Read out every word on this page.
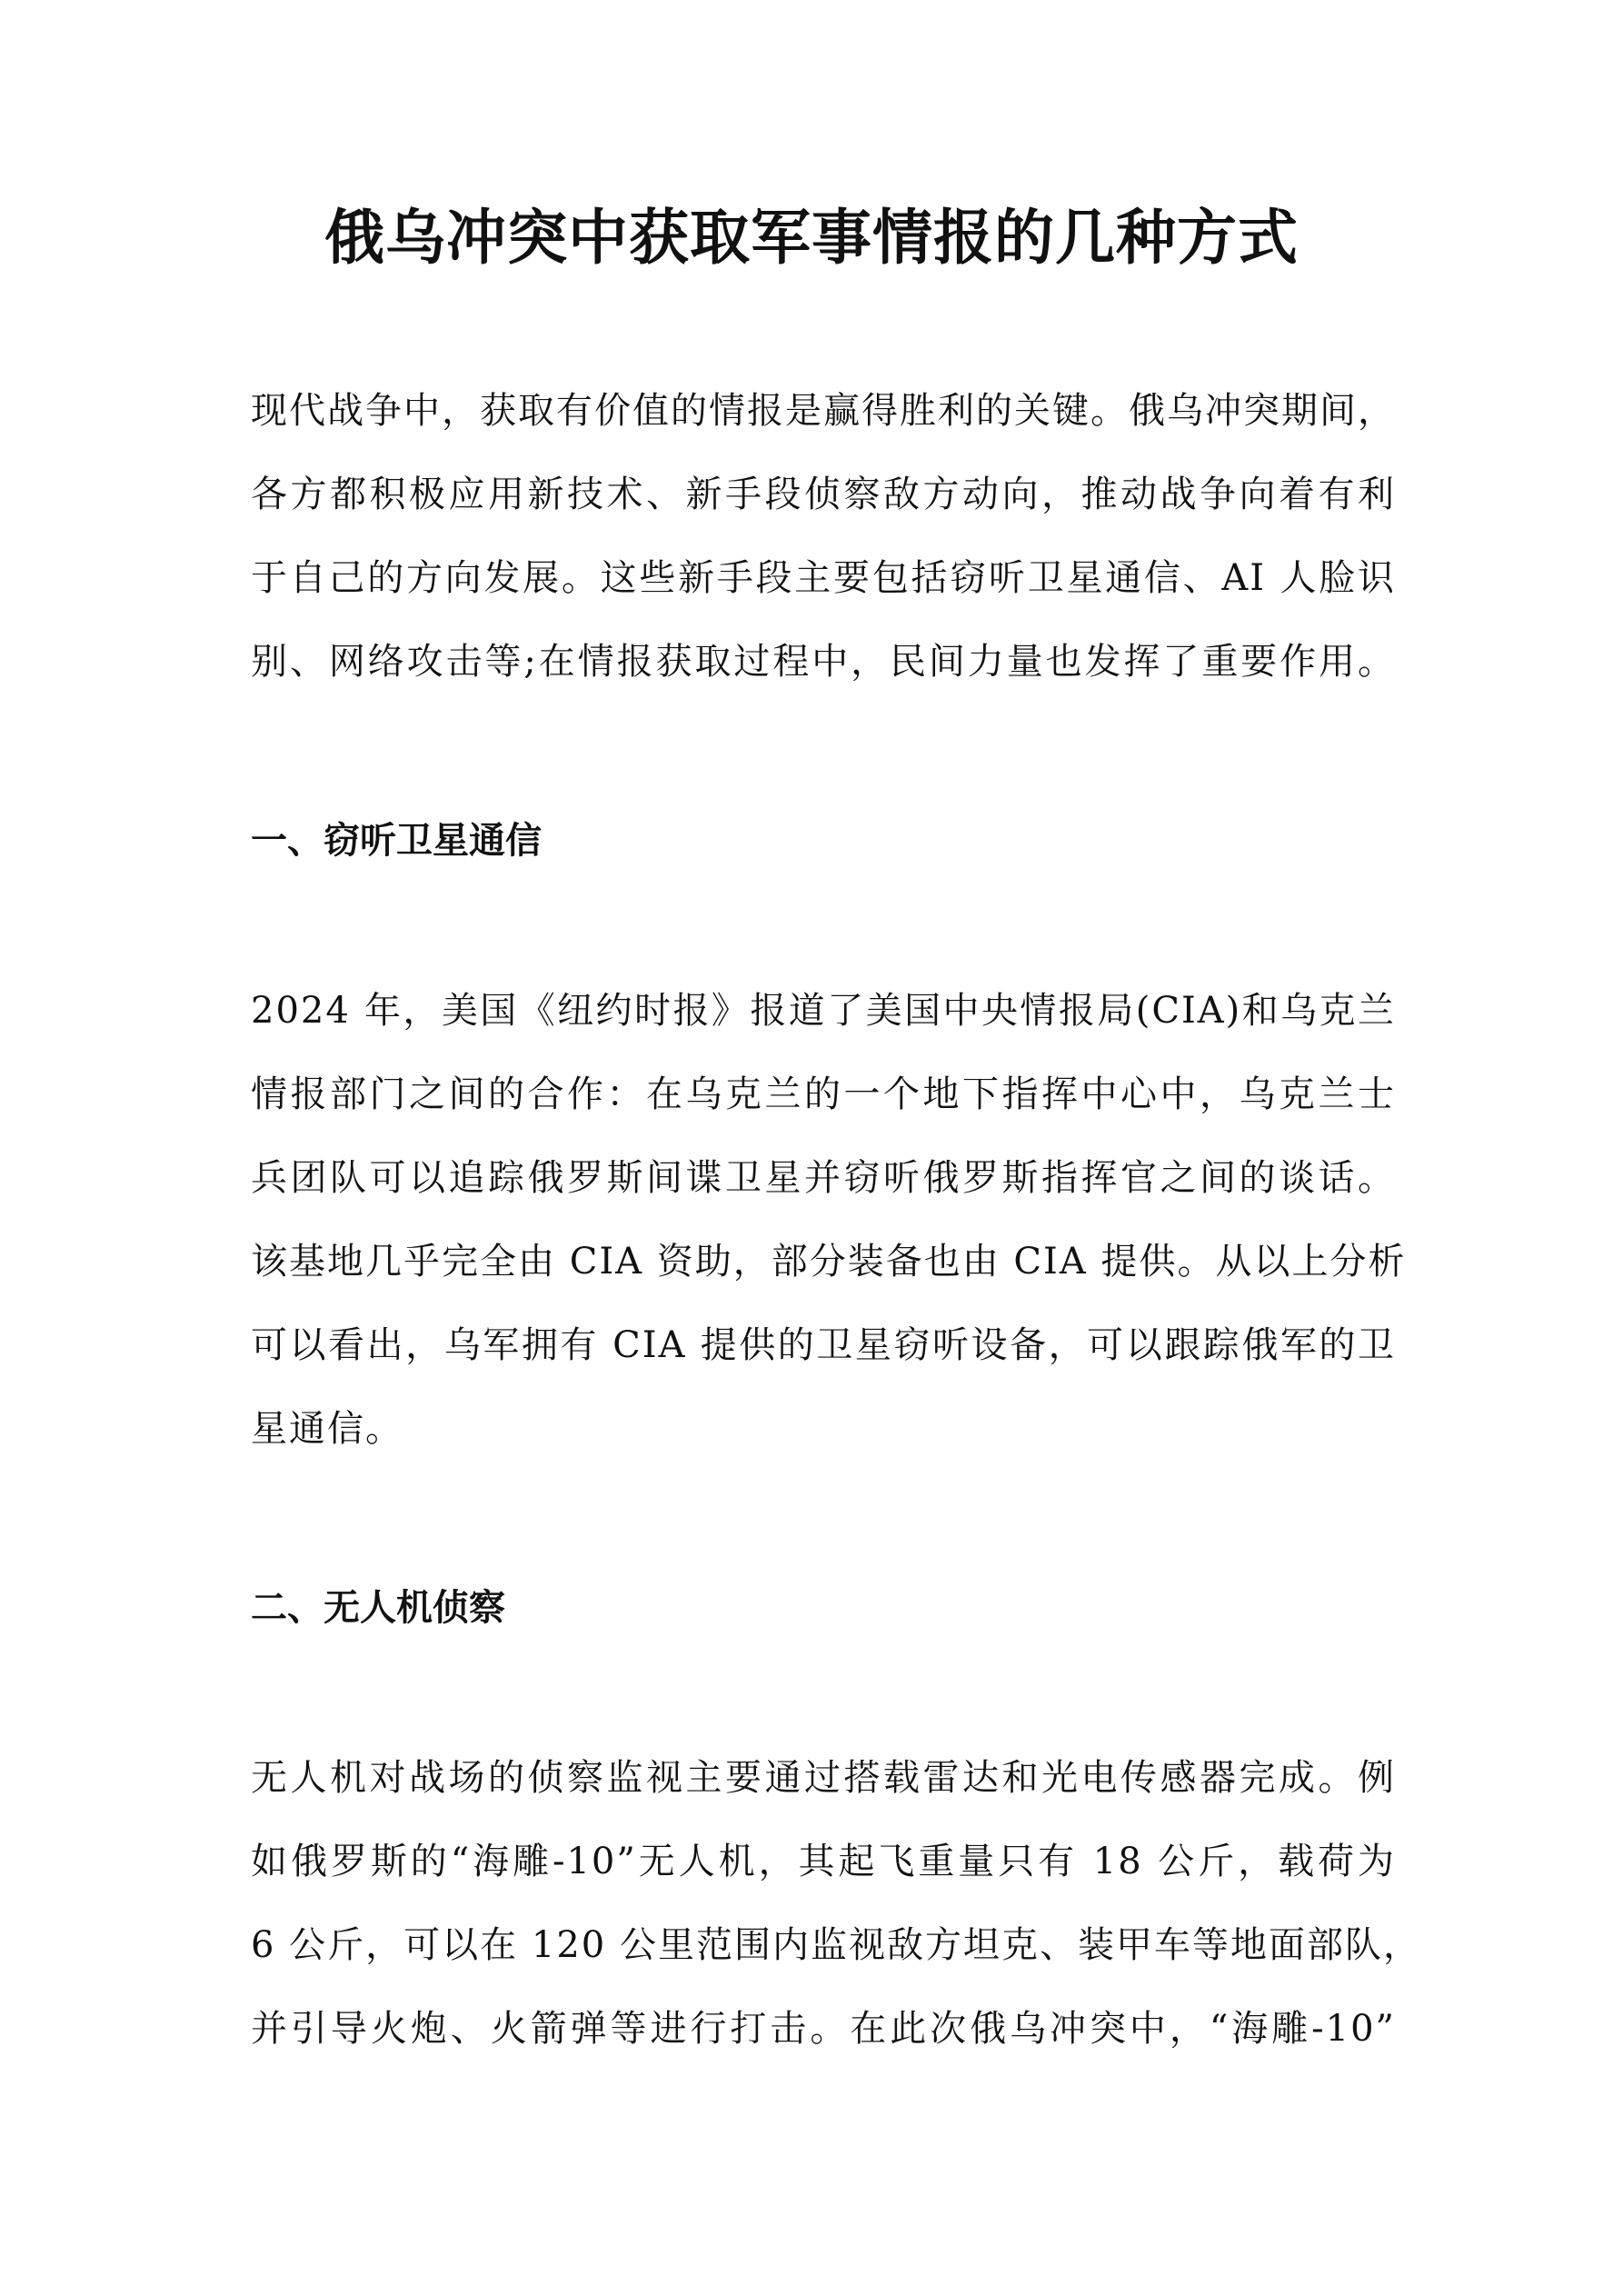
俄乌冲突中获取军事情报的几种方式

现代战争中，获取有价值的情报是赢得胜利的关键。俄乌冲突期间，

各方都积极应用新技术、新手段侦察敌方动向，推动战争向着有利

于自己的方向发展。这些新手段主要包括窃听卫星通信、AI 人脸识

别、网络攻击等;在情报获取过程中，民间力量也发挥了重要作用。

一、窃听卫星通信

2024 年，美国《纽约时报》报道了美国中央情报局(CIA)和乌克兰

情报部门之间的合作：在乌克兰的一个地下指挥中心中，乌克兰士

兵团队可以追踪俄罗斯间谍卫星并窃听俄罗斯指挥官之间的谈话。

该基地几乎完全由 CIA 资助，部分装备也由 CIA 提供。从以上分析

可以看出，乌军拥有 CIA 提供的卫星窃听设备，可以跟踪俄军的卫

星通信。

二、无人机侦察

无人机对战场的侦察监视主要通过搭载雷达和光电传感器完成。例

如俄罗斯的“海雕-10”无人机，其起飞重量只有 18 公斤，载荷为

6 公斤，可以在 120 公里范围内监视敌方坦克、装甲车等地面部队，

并引导火炮、火箭弹等进行打击。在此次俄乌冲突中，“海雕-10”
